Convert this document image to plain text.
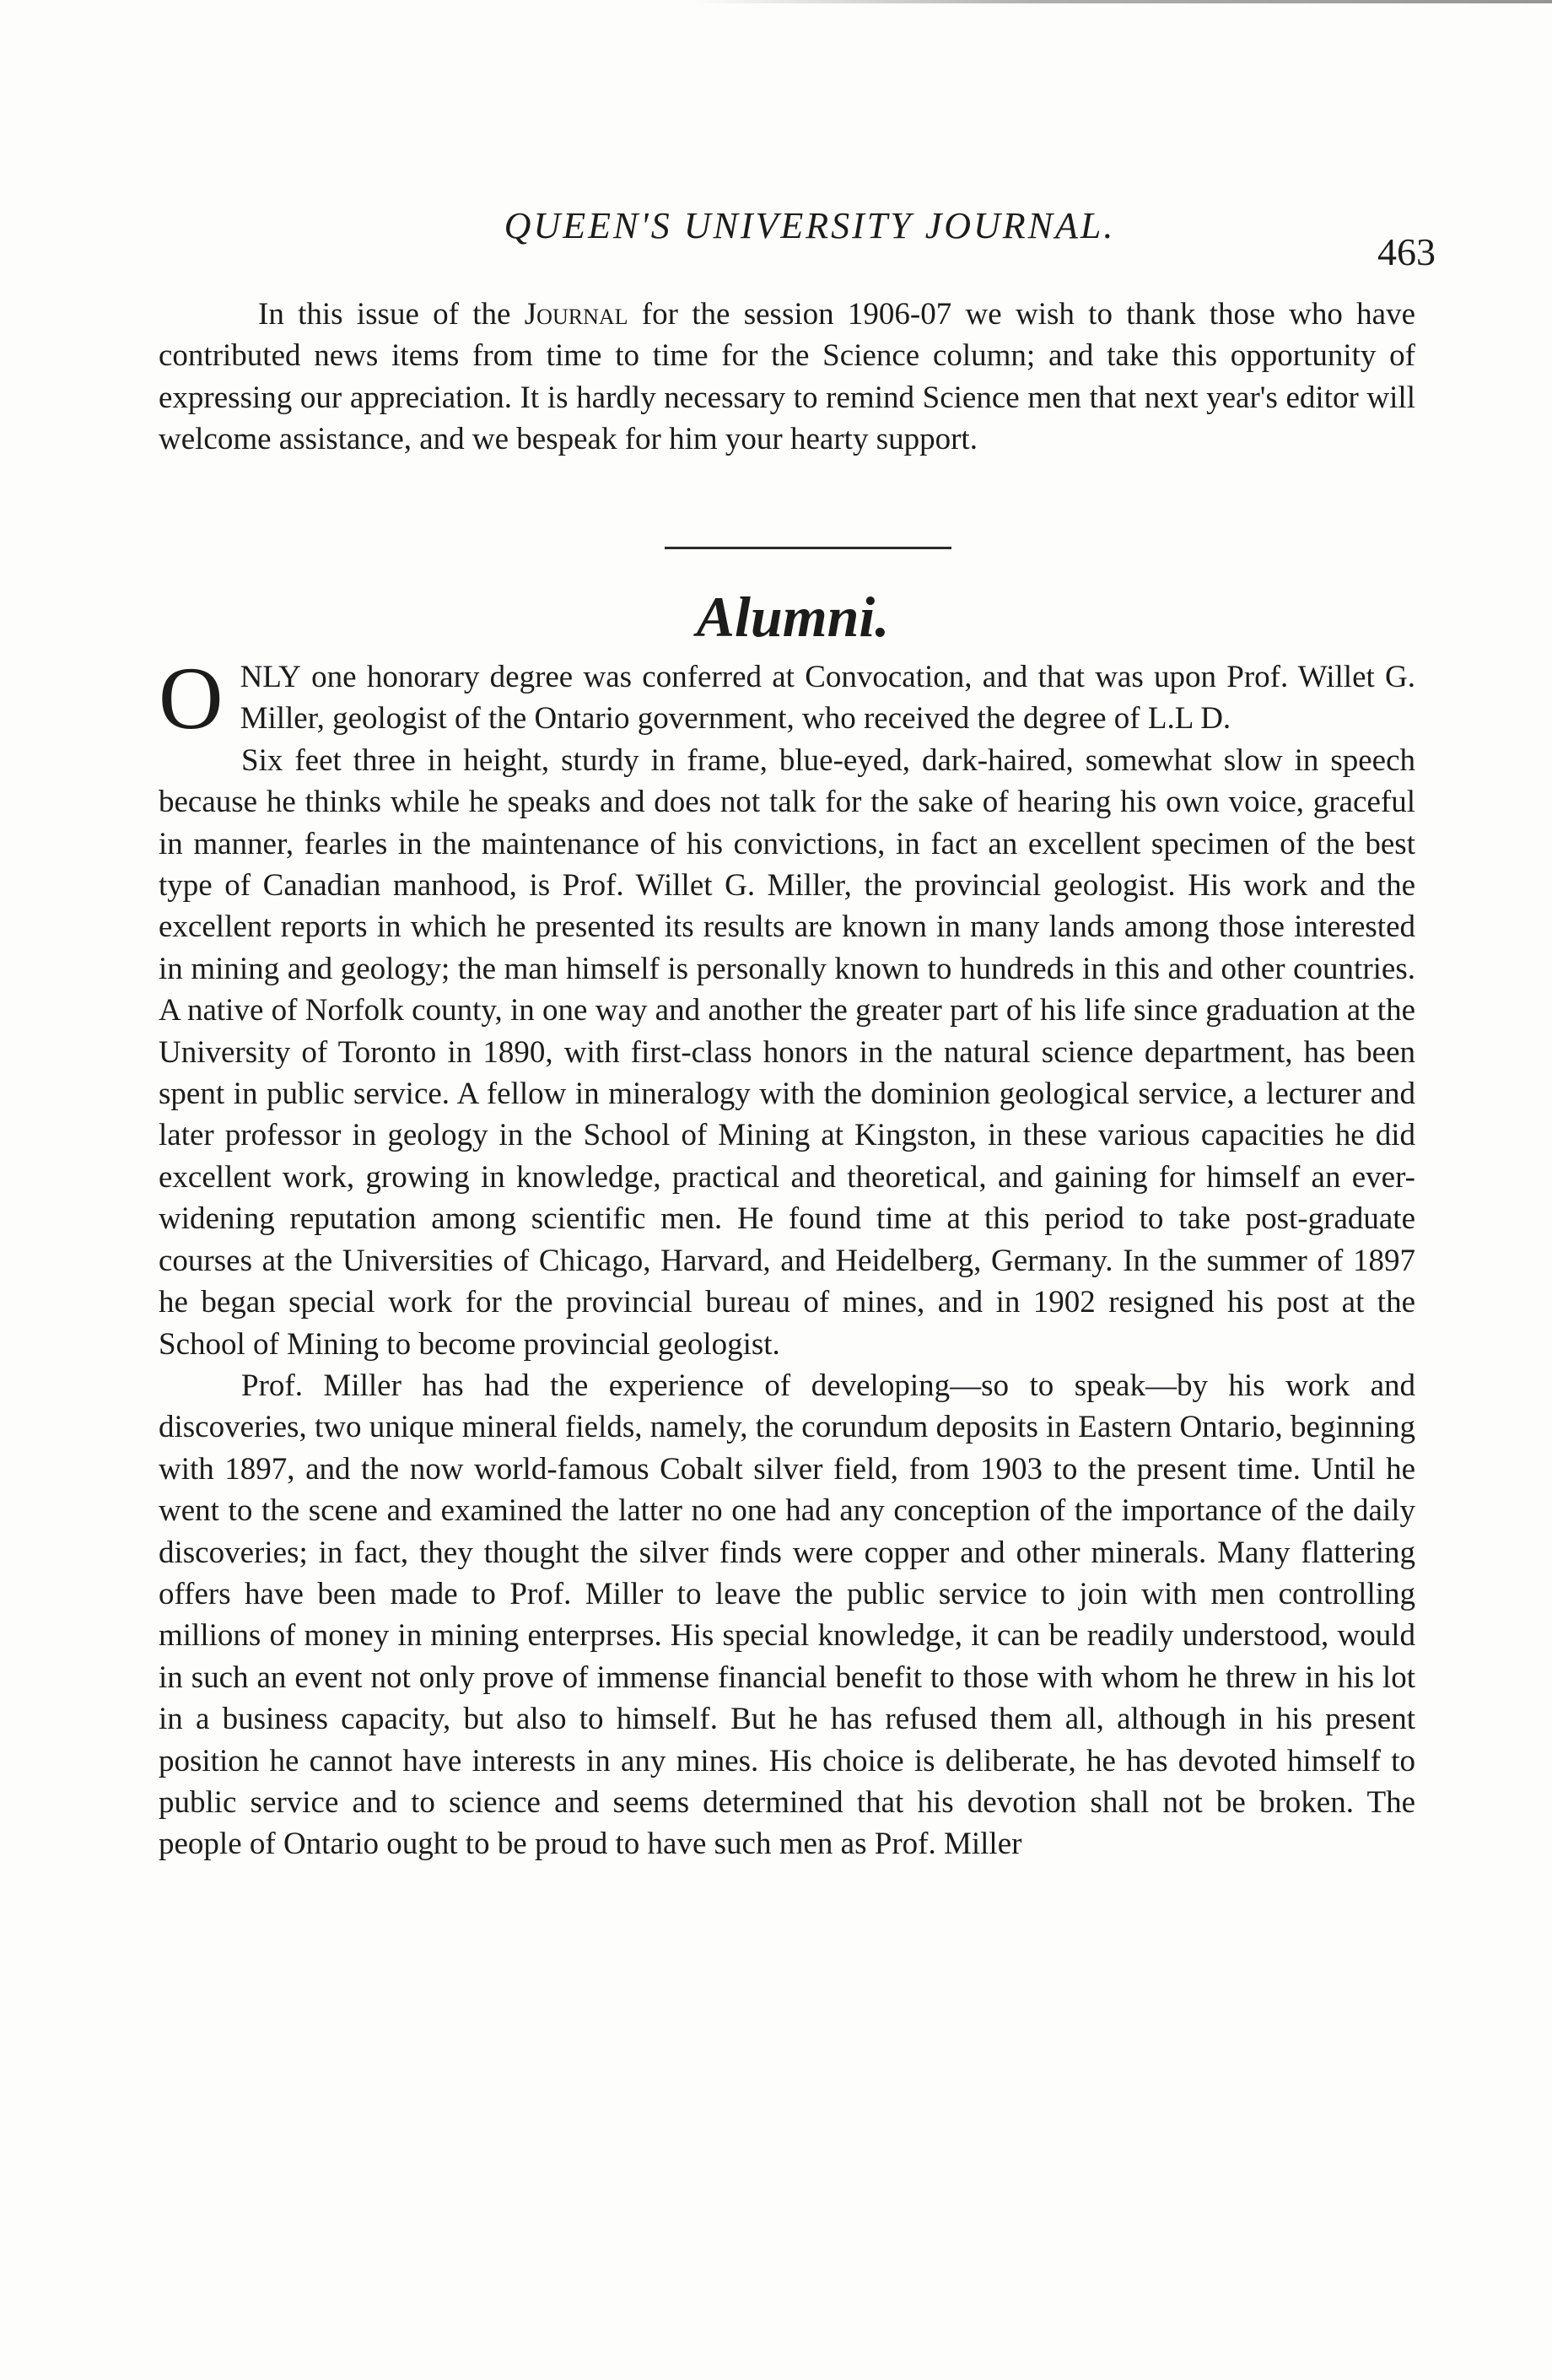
QUEEN'S UNIVERSITY JOURNAL.
463

In this issue of the Journal for the session 1906-07 we wish to thank those who have contributed news items from time to time for the Science column; and take this opportunity of expressing our appreciation. It is hardly necessary to remind Science men that next year's editor will welcome assistance, and we bespeak for him your hearty support.

Alumni.

ONLY one honorary degree was conferred at Convocation, and that was upon Prof. Willet G. Miller, geologist of the Ontario government, who received the degree of L.L D.

Six feet three in height, sturdy in frame, blue-eyed, dark-haired, somewhat slow in speech because he thinks while he speaks and does not talk for the sake of hearing his own voice, graceful in manner, fearles in the maintenance of his convictions, in fact an excellent specimen of the best type of Canadian manhood, is Prof. Willet G. Miller, the provincial geologist. His work and the excellent reports in which he presented its results are known in many lands among those interested in mining and geology; the man himself is personally known to hundreds in this and other countries. A native of Norfolk county, in one way and another the greater part of his life since graduation at the University of Toronto in 1890, with first-class honors in the natural science department, has been spent in public service. A fellow in mineralogy with the dominion geological service, a lecturer and later professor in geology in the School of Mining at Kingston, in these various capacities he did excellent work, growing in knowledge, practical and theoretical, and gaining for himself an ever-widening reputation among scientific men. He found time at this period to take post-graduate courses at the Universities of Chicago, Harvard, and Heidelberg, Germany. In the summer of 1897 he began special work for the provincial bureau of mines, and in 1902 resigned his post at the School of Mining to become provincial geologist.

Prof. Miller has had the experience of developing—so to speak—by his work and discoveries, two unique mineral fields, namely, the corundum deposits in Eastern Ontario, beginning with 1897, and the now world-famous Cobalt silver field, from 1903 to the present time. Until he went to the scene and examined the latter no one had any conception of the importance of the daily discoveries; in fact, they thought the silver finds were copper and other minerals. Many flattering offers have been made to Prof. Miller to leave the public service to join with men controlling millions of money in mining enterprses. His special knowledge, it can be readily understood, would in such an event not only prove of immense financial benefit to those with whom he threw in his lot in a business capacity, but also to himself. But he has refused them all, although in his present position he cannot have interests in any mines. His choice is deliberate, he has devoted himself to public service and to science and seems determined that his devotion shall not be broken. The people of Ontario ought to be proud to have such men as Prof. Miller
